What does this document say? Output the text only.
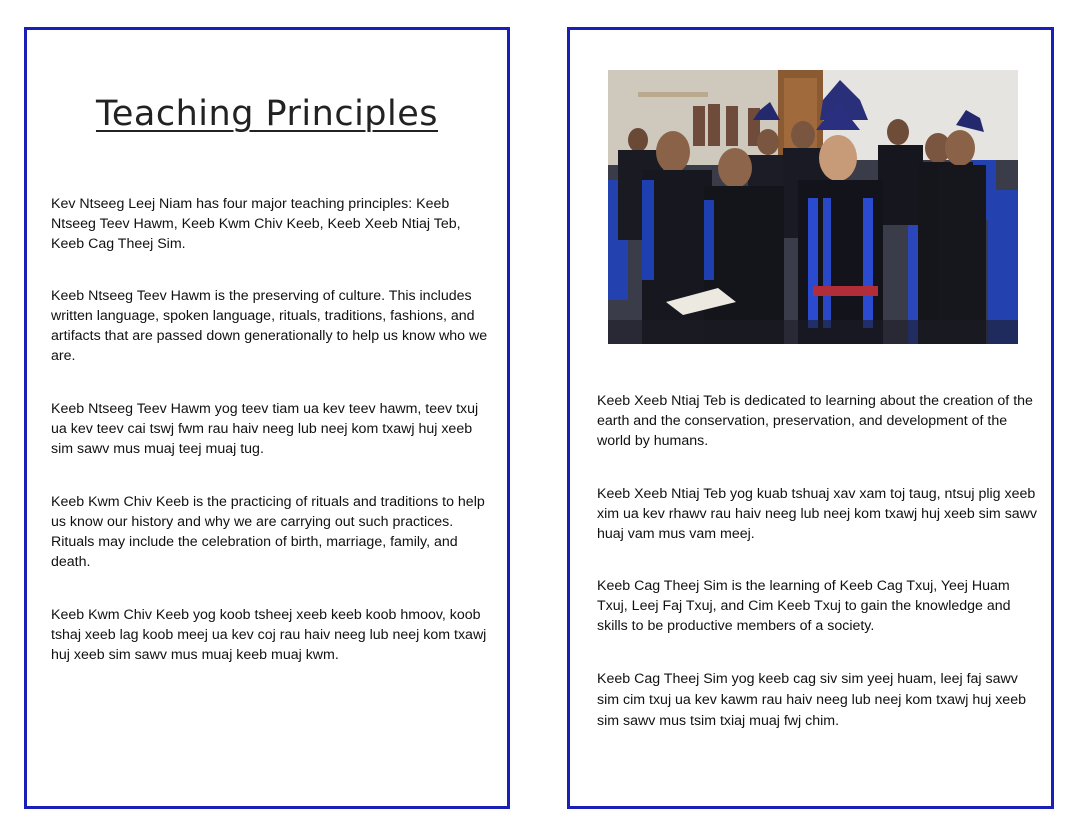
Teaching Principles

Kev Ntseeg Leej Niam has four major teaching principles: Keeb Ntseeg Teev Hawm, Keeb Kwm Chiv Keeb, Keeb Xeeb Ntiaj Teb, Keeb Cag Theej Sim.

Keeb Ntseeg Teev Hawm is the preserving of culture. This includes written language, spoken language, rituals, traditions, fashions, and artifacts that are passed down generationally to help us know who we are.

Keeb Ntseeg Teev Hawm yog teev tiam ua kev teev hawm, teev txuj ua kev teev cai tswj fwm rau haiv neeg lub neej kom txawj huj xeeb sim sawv mus muaj teej muaj tug.

Keeb Kwm Chiv Keeb is the practicing of rituals and traditions to help us know our history and why we are carrying out such practices. Rituals may include the celebration of birth, marriage, family, and death.

Keeb Kwm Chiv Keeb yog koob tsheej xeeb keeb koob hmoov, koob tshaj xeeb lag koob meej ua kev coj rau haiv neeg lub neej kom txawj huj xeeb sim sawv mus muaj keeb muaj kwm.

Keeb Xeeb Ntiaj Teb is dedicated to learning about the creation of the earth and the conservation, preservation, and development of the world by humans.

Keeb Xeeb Ntiaj Teb yog kuab tshuaj xav xam toj taug, ntsuj plig xeeb xim ua kev rhawv rau haiv neeg lub neej kom txawj huj xeeb sim sawv huaj vam mus vam meej.

Keeb Cag Theej Sim is the learning of Keeb Cag Txuj, Yeej Huam Txuj, Leej Faj Txuj, and Cim Keeb Txuj to gain the knowledge and skills to be productive members of a society.

Keeb Cag Theej Sim yog keeb cag siv sim yeej huam, leej faj sawv sim cim txuj ua kev kawm rau haiv neeg lub neej kom txawj huj xeeb sim sawv mus tsim txiaj muaj fwj chim.
